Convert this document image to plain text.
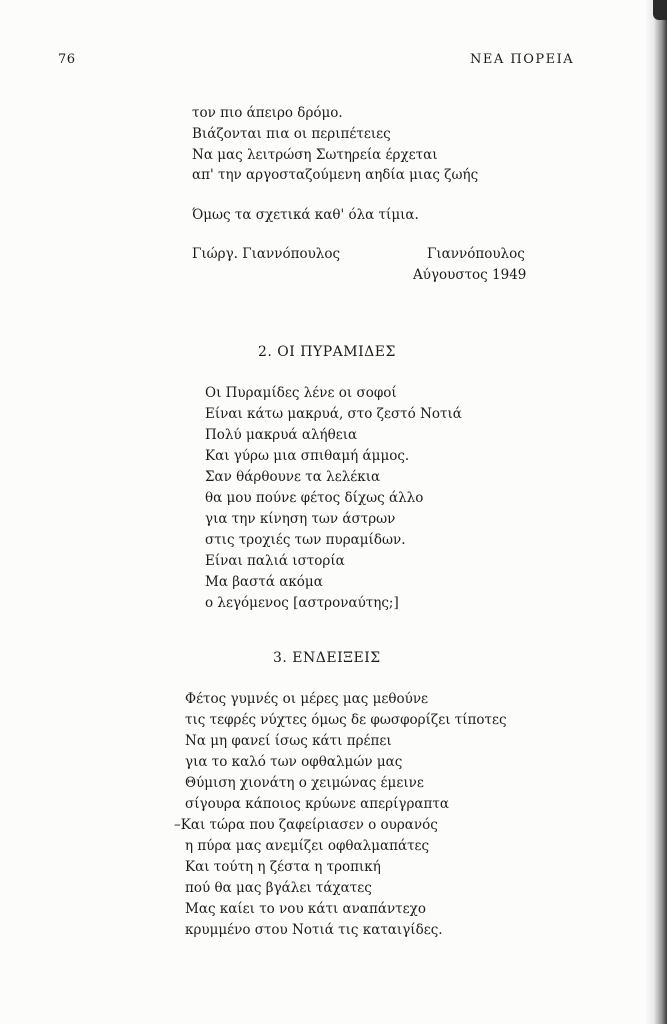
76	ΝΕΑ ΠΟΡΕΙΑ
τον πιο άπειρο δρόμο.
Βιάζονται πια οι περιπέτειες
Να μας λειτρώση Σωτηρεία έρχεται
απ' την αργοσταζούμενη αηδία μιας ζωής
Όμως τα σχετικά καθ' όλα τίμια.
Γιώργ. Γιαννόπουλος	Γιαννόπουλος
Αύγουστος 1949
2. ΟΙ ΠΥΡΑΜΙΔΕΣ
Οι Πυραμίδες λένε οι σοφοί
Είναι κάτω μακρυά, στο ζεστό Νοτιά
Πολύ μακρυά αλήθεια
Και γύρω μια σπιθαμή άμμος.
Σαν θάρθουνε τα λελέκια
θα μου πούνε φέτος δίχως άλλο
για την κίνηση των άστρων
στις τροχιές των πυραμίδων.
Είναι παλιά ιστορία
Μα βαστά ακόμα
ο λεγόμενος [αστροναύτης;]
3. ΕΝΔΕΙΞΕΙΣ
Φέτος γυμνές οι μέρες μας μεθούνε
τις τεφρές νύχτες όμως δε φωσφορίζει τίποτες
Να μη φανεί ίσως κάτι πρέπει
για το καλό των οφθαλμών μας
Θύμιση χιονάτη ο χειμώνας έμεινε
σίγουρα κάποιος κρύωνε απερίγραπτα
–Και τώρα που ζαφείριασεν ο ουρανός
η πύρα μας ανεμίζει οφθαλμαπάτες
Και τούτη η ζέστα η τροπική
πού θα μας βγάλει τάχατες
Μας καίει το νου κάτι αναπάντεχο
κρυμμένο στου Νοτιά τις καταιγίδες.
